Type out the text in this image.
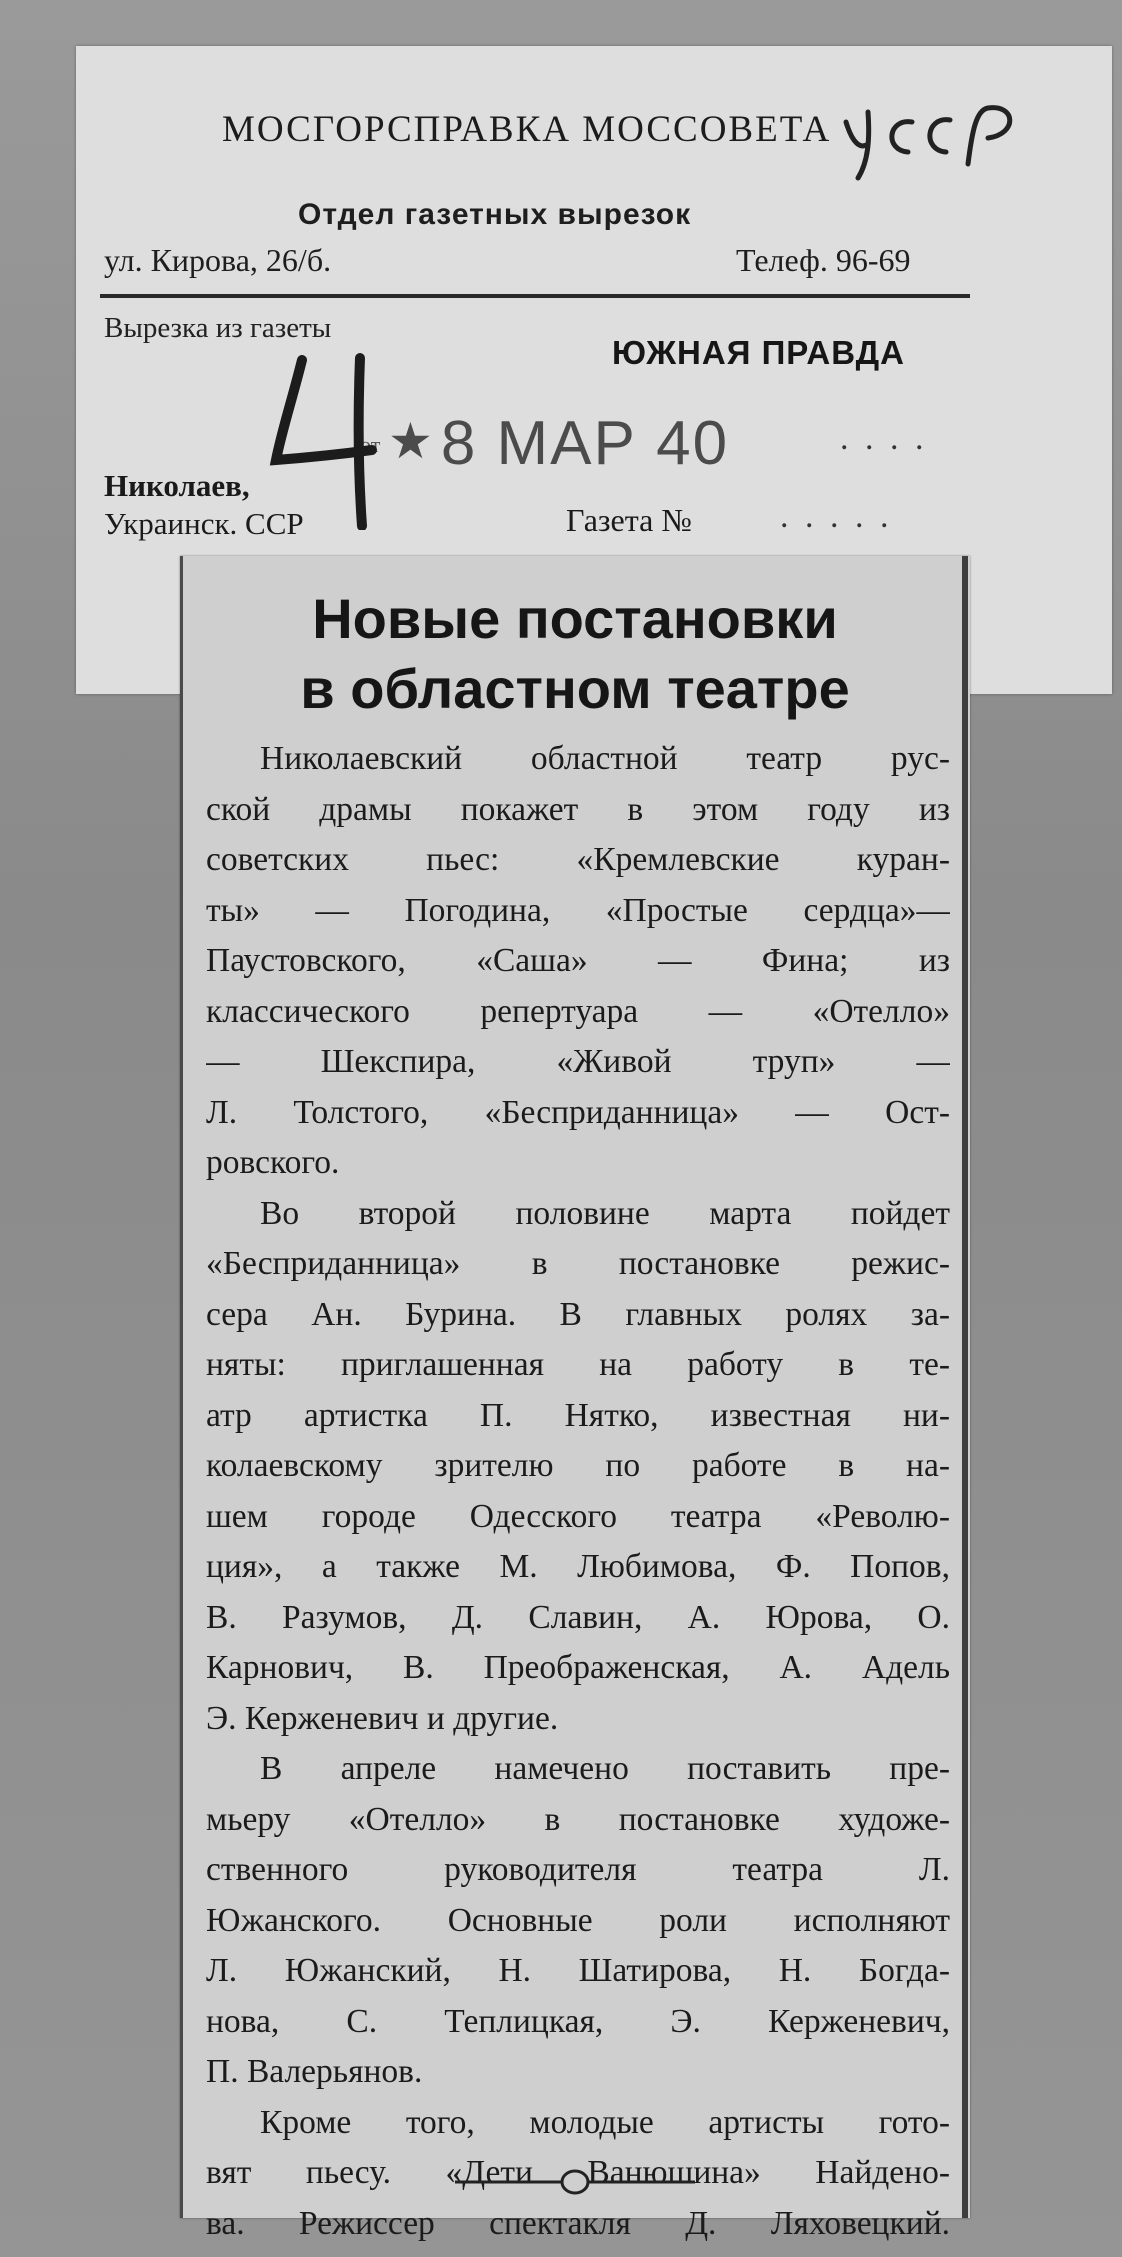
МОСГОРСПРАВКА МОССОВЕТА
Отдел газетных вырезок
ул. Кирова, 26/б.	Телеф. 96-69
Вырезка из газеты
ЮЖНАЯ ПРАВДА
от	. . . .
Николаев,
Украинск. ССР	Газета №	. . . . .
★8 МАР 40
Новые постановки
в областном театре
Николаевский областной театр рус-
ской драмы покажет в этом году из
советских пьес: «Кремлевские куран-
ты» — Погодина, «Простые сердца»—
Паустовского, «Саша» — Фина; из
классического репертуара — «Отелло»
— Шекспира, «Живой труп» —
Л. Толстого, «Бесприданница» — Ост-
ровского.
Во второй половине марта пойдет
«Бесприданница» в постановке режис-
сера Ан. Бурина. В главных ролях за-
няты: приглашенная на работу в те-
атр артистка П. Нятко, известная ни-
колаевскому зрителю по работе в на-
шем городе Одесского театра «Револю-
ция», а также М. Любимова, Ф. Попов,
В. Разумов, Д. Славин, А. Юрова, О.
Карнович, В. Преображенская, А. Адель
Э. Керженевич и другие.
В апреле намечено поставить пре-
мьеру «Отелло» в постановке художе-
ственного руководителя театра Л.
Южанского. Основные роли исполняют
Л. Южанский, Н. Шатирова, Н. Богда-
нова, С. Теплицкая, Э. Керженевич,
П. Валерьянов.
Кроме того, молодые артисты гото-
вят пьесу. «Дети Ванюшина» Найдено-
ва. Режиссер спектакля Д. Ляховецкий.
